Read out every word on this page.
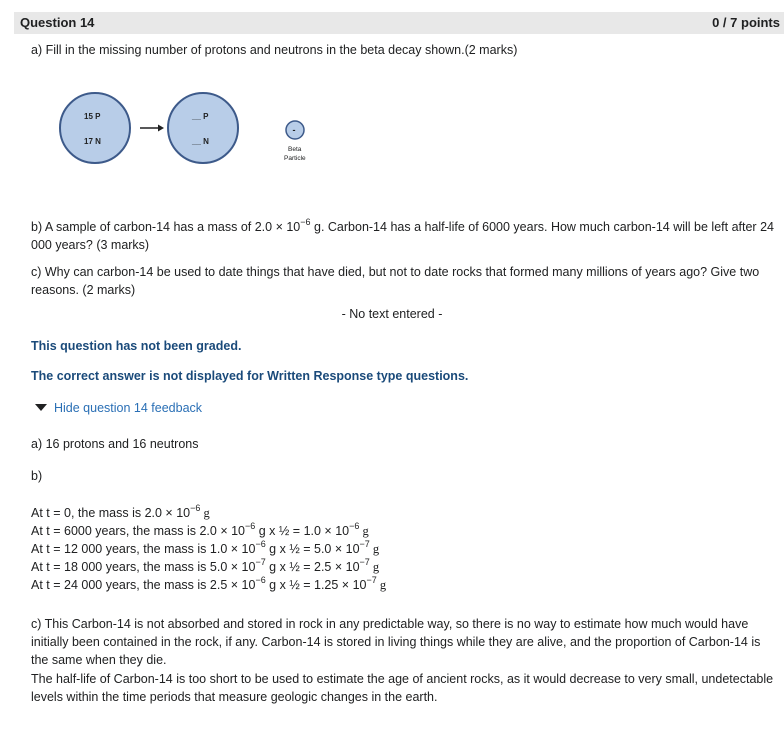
Question 14	0 / 7 points
a) Fill in the missing number of protons and neutrons in the beta decay shown.(2 marks)
15 P
17 N
__ P
__ N
-
Beta
Particle
b) A sample of carbon-14 has a mass of $2.0 \times 10^{-6}$ g. Carbon-14 has a half-life of 6000 years. How much carbon-14 will be left after 24 000 years? (3 marks)
c) Why can carbon-14 be used to date things that have died, but not to date rocks that formed many millions of years ago? Give two reasons. (2 marks)
- No text entered -
This question has not been graded.
The correct answer is not displayed for Written Response type questions.
Hide question 14 feedback
a) 16 protons and 16 neutrons
b)
At t = 0, the mass is $2.0 \times 10^{-6}$ g
At t = 6000 years, the mass is $2.0 \times 10^{-6}$ g x ½ = $1.0 \times 10^{-6}$ g
At t = 12 000 years, the mass is $1.0 \times 10^{-6}$ g x ½ = $5.0 \times 10^{-7}$ g
At t = 18 000 years, the mass is $5.0 \times 10^{-7}$ g x ½ = $2.5 \times 10^{-7}$ g
At t = 24 000 years, the mass is $2.5 \times 10^{-6}$ g x ½ = $1.25 \times 10^{-7}$ g
c) This Carbon-14 is not absorbed and stored in rock in any predictable way, so there is no way to estimate how much would have initially been contained in the rock, if any. Carbon-14 is stored in living things while they are alive, and the proportion of Carbon-14 is the same when they die.
The half-life of Carbon-14 is too short to be used to estimate the age of ancient rocks, as it would decrease to very small, undetectable levels within the time periods that measure geologic changes in the earth.
